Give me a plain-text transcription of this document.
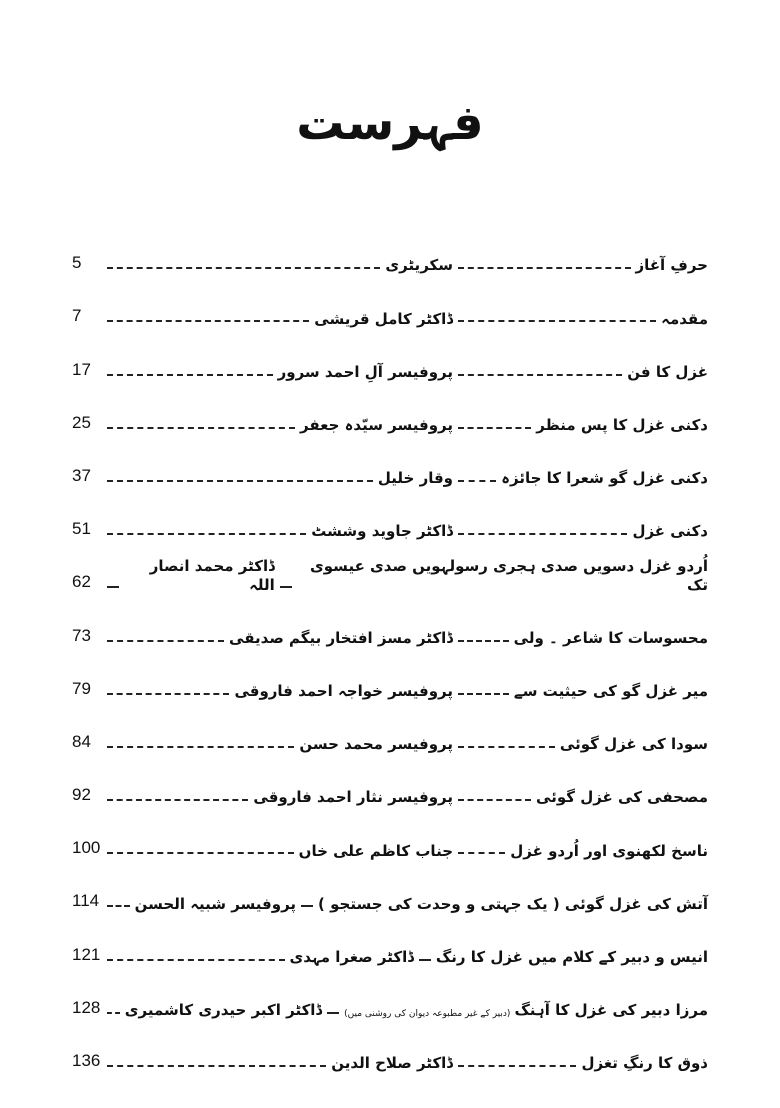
فہرست
حرفِ آغاز
سکریٹری
5
مقدمہ
ڈاکٹر کامل قریشی
7
غزل کا فن
پروفیسر آلِ احمد سرور
17
دکنی غزل کا پس منظر
پروفیسر سیّدہ جعفر
25
دکنی غزل گو شعرا کا جائزہ
وقار خلیل
37
دکنی غزل
ڈاکٹر جاوید وششٹ
51
اُردو غزل دسویں صدی ہجری رسولہویں صدی عیسوی تک
ڈاکٹر محمد انصار اللہ
62
محسوسات کا شاعر ۔ ولی
ڈاکٹر مسز افتخار بیگم صدیقی
73
میر غزل گو کی حیثیت سے
پروفیسر خواجہ احمد فاروقی
79
سودا کی غزل گوئی
پروفیسر محمد حسن
84
مصحفی کی غزل گوئی
پروفیسر نثار احمد فاروقی
92
ناسخ لکھنوی اور اُردو غزل
جناب کاظم علی خاں
100
آتش کی غزل گوئی ( یک جہتی و وحدت کی جستجو )
پروفیسر شبیہ الحسن
114
انیس و دبیر کے کلام میں غزل کا رنگ
ڈاکٹر صغرا مہدی
121
مرزا دبیر کی غزل کا آہنگ
(دبیر کے غیر مطبوعہ دیوان کی روشنی میں)
ڈاکٹر اکبر حیدری کاشمیری
128
ذوق کا رنگِ تغزل
ڈاکٹر صلاح الدین
136
